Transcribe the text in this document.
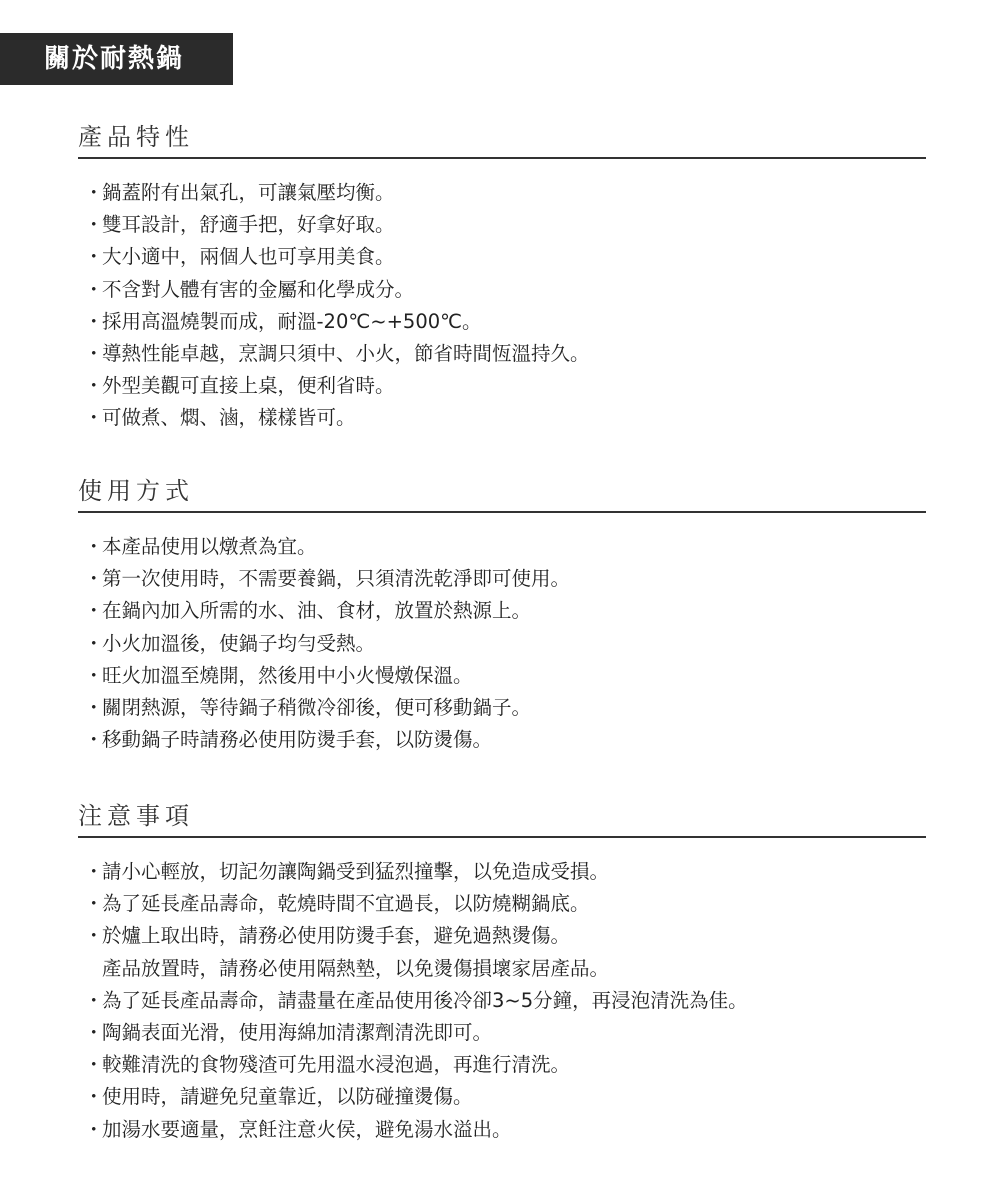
關於耐熱鍋
產品特性
・
鍋蓋附有出氣孔，可讓氣壓均衡。
・
雙耳設計，舒適手把，好拿好取。
・
大小適中，兩個人也可享用美食。
・
不含對人體有害的金屬和化學成分。
・
採用高溫燒製而成，耐溫-20℃~+500℃。
・
導熱性能卓越，烹調只須中、小火，節省時間恆溫持久。
・
外型美觀可直接上桌，便利省時。
・
可做煮、燜、滷，樣樣皆可。
使用方式
・
本產品使用以燉煮為宜。
・
第一次使用時，不需要養鍋，只須清洗乾淨即可使用。
・
在鍋內加入所需的水、油、食材，放置於熱源上。
・
小火加溫後，使鍋子均勻受熱。
・
旺火加溫至燒開，然後用中小火慢燉保溫。
・
關閉熱源，等待鍋子稍微冷卻後，便可移動鍋子。
・
移動鍋子時請務必使用防燙手套，以防燙傷。
注意事項
・
請小心輕放，切記勿讓陶鍋受到猛烈撞擊，以免造成受損。
・
為了延長產品壽命，乾燒時間不宜過長，以防燒糊鍋底。
・
於爐上取出時，請務必使用防燙手套，避免過熱燙傷。
產品放置時，請務必使用隔熱墊，以免燙傷損壞家居產品。
・
為了延長產品壽命，請盡量在產品使用後冷卻3~5分鐘，再浸泡清洗為佳。
・
陶鍋表面光滑，使用海綿加清潔劑清洗即可。
・
較難清洗的食物殘渣可先用溫水浸泡過，再進行清洗。
・
使用時，請避免兒童靠近，以防碰撞燙傷。
・
加湯水要適量，烹飪注意火侯，避免湯水溢出。
